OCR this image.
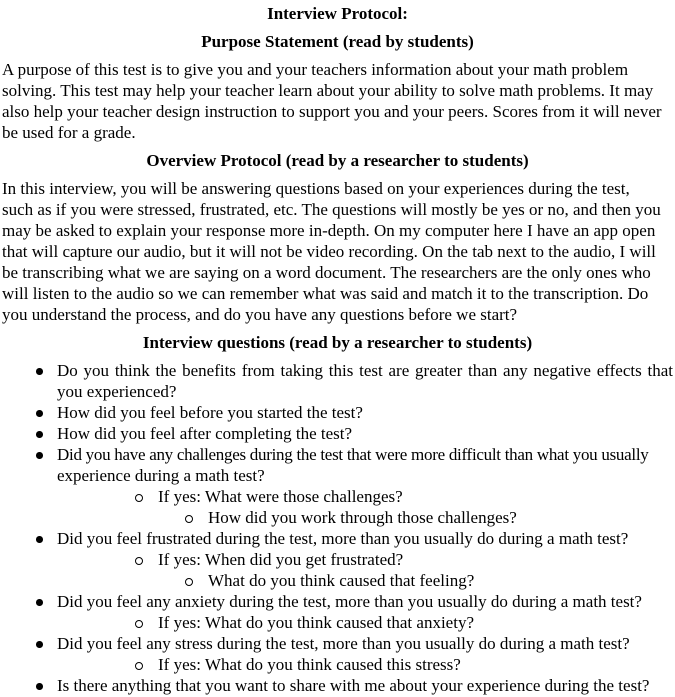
Interview Protocol:
Purpose Statement (read by students)
A purpose of this test is to give you and your teachers information about your math problem
solving. This test may help your teacher learn about your ability to solve math problems. It may
also help your teacher design instruction to support you and your peers. Scores from it will never
be used for a grade.
Overview Protocol (read by a researcher to students)
In this interview, you will be answering questions based on your experiences during the test,
such as if you were stressed, frustrated, etc. The questions will mostly be yes or no, and then you
may be asked to explain your response more in-depth. On my computer here I have an app open
that will capture our audio, but it will not be video recording. On the tab next to the audio, I will
be transcribing what we are saying on a word document. The researchers are the only ones who
will listen to the audio so we can remember what was said and match it to the transcription. Do
you understand the process, and do you have any questions before we start?
Interview questions (read by a researcher to students)
Do you think the benefits from taking this test are greater than any negative effects that
you experienced?
How did you feel before you started the test?
How did you feel after completing the test?
Did you have any challenges during the test that were more difficult than what you usually
experience during a math test?
If yes: What were those challenges?
How did you work through those challenges?
Did you feel frustrated during the test, more than you usually do during a math test?
If yes: When did you get frustrated?
What do you think caused that feeling?
Did you feel any anxiety during the test, more than you usually do during a math test?
If yes: What do you think caused that anxiety?
Did you feel any stress during the test, more than you usually do during a math test?
If yes: What do you think caused this stress?
Is there anything that you want to share with me about your experience during the test?
